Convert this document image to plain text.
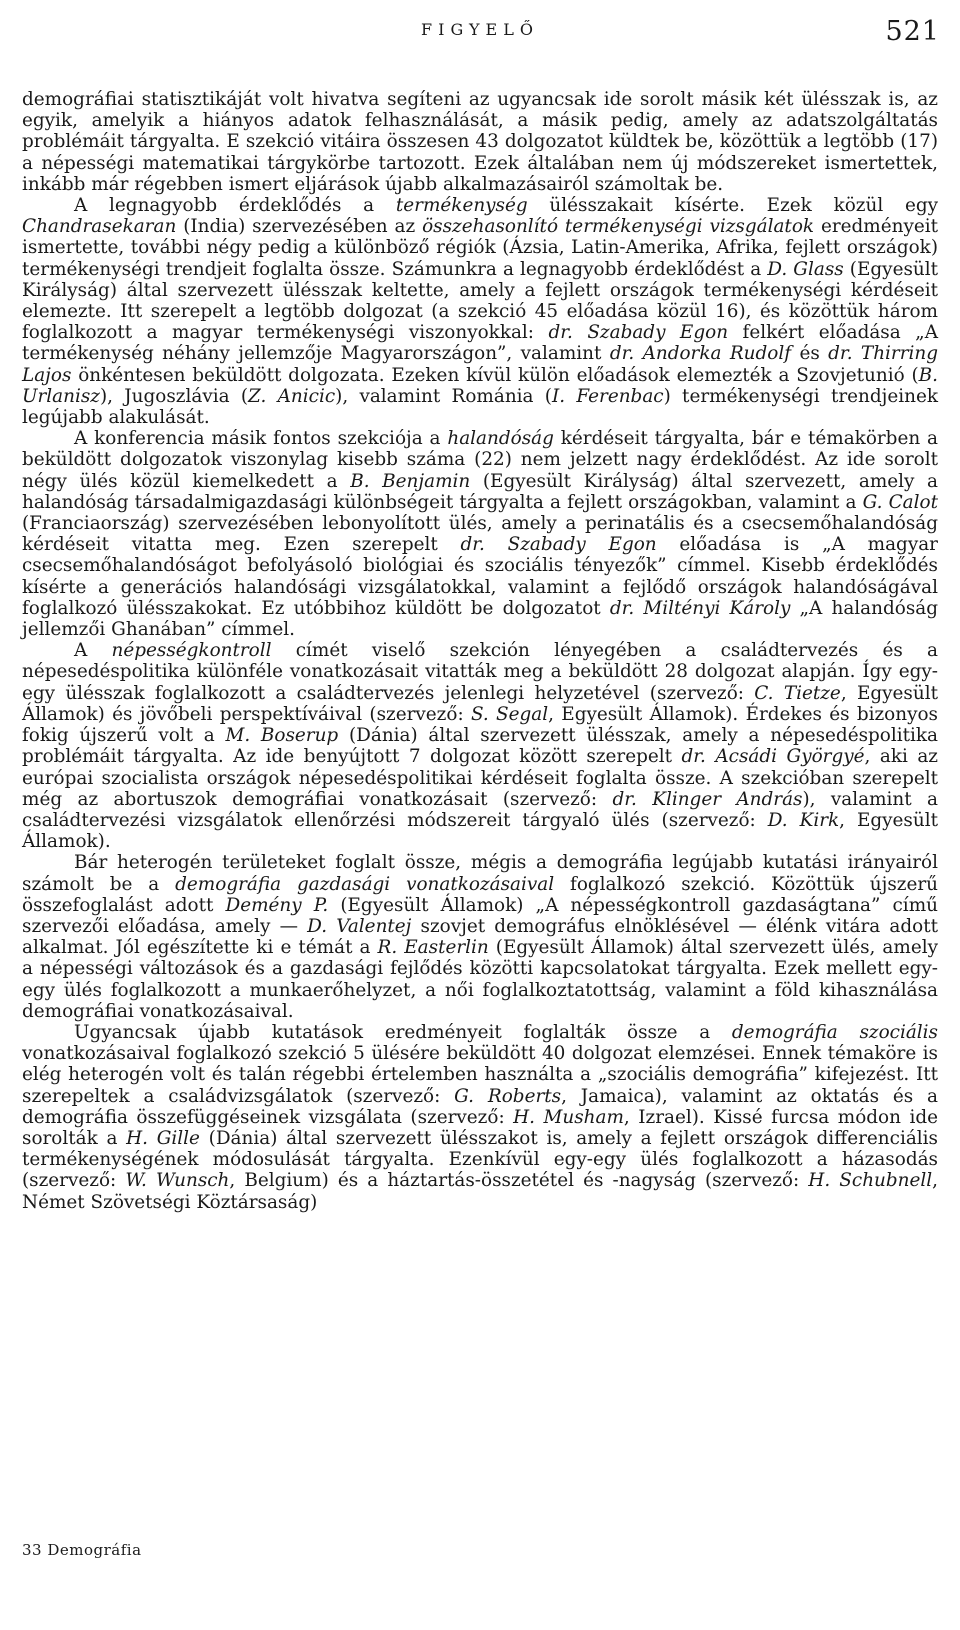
FIGYELŐ	521

demográfiai statisztikáját volt hivatva segíteni az ugyancsak ide sorolt másik két ülésszak is, az egyik, amelyik a hiányos adatok felhasználását, a másik pedig, amely az adatszolgáltatás problémáit tárgyalta. E szekció vitáira összesen 43 dolgozatot küldtek be, közöttük a legtöbb (17) a népességi matematikai tárgykörbe tartozott. Ezek általában nem új módszereket ismertettek, inkább már régebben ismert eljárások újabb alkalmazásairól számoltak be.

A legnagyobb érdeklődés a termékenység ülésszakait kísérte. Ezek közül egy Chandrasekaran (India) szervezésében az összehasonlító termékenységi vizsgálatok eredményeit ismertette, további négy pedig a különböző régiók (Ázsia, Latin-Amerika, Afrika, fejlett országok) termékenységi trendjeit foglalta össze. Számunkra a legnagyobb érdeklődést a D. Glass (Egyesült Királyság) által szervezett ülésszak keltette, amely a fejlett országok termékenységi kérdéseit elemezte. Itt szerepelt a legtöbb dolgozat (a szekció 45 előadása közül 16), és közöttük három foglalkozott a magyar termékenységi viszonyokkal: dr. Szabady Egon felkért előadása „A termékenység néhány jellemzője Magyarországon”, valamint dr. Andorka Rudolf és dr. Thirring Lajos önkéntesen beküldött dolgozata. Ezeken kívül külön előadások elemezték a Szovjetunió (B. Urlanisz), Jugoszlávia (Z. Anicic), valamint Románia (I. Ferenbac) termékenységi trendjeinek legújabb alakulását.

A konferencia másik fontos szekciója a halandóság kérdéseit tárgyalta, bár e témakörben a beküldött dolgozatok viszonylag kisebb száma (22) nem jelzett nagy érdeklődést. Az ide sorolt négy ülés közül kiemelkedett a B. Benjamin (Egyesült Királyság) által szervezett, amely a halandóság társadalmigazdasági különbségeit tárgyalta a fejlett országokban, valamint a G. Calot (Franciaország) szervezésében lebonyolított ülés, amely a perinatális és a csecsemőhalandóság kérdéseit vitatta meg. Ezen szerepelt dr. Szabady Egon előadása is „A magyar csecsemőhalandóságot befolyásoló biológiai és szociális tényezők” címmel. Kisebb érdeklődés kísérte a generációs halandósági vizsgálatokkal, valamint a fejlődő országok halandóságával foglalkozó ülésszakokat. Ez utóbbihoz küldött be dolgozatot dr. Miltényi Károly „A halandóság jellemzői Ghanában” címmel.

A népességkontroll címét viselő szekción lényegében a családtervezés és a népesedéspolitika különféle vonatkozásait vitatták meg a beküldött 28 dolgozat alapján. Így egy-egy ülésszak foglalkozott a családtervezés jelenlegi helyzetével (szervező: C. Tietze, Egyesült Államok) és jövőbeli perspektíváival (szervező: S. Segal, Egyesült Államok). Érdekes és bizonyos fokig újszerű volt a M. Boserup (Dánia) által szervezett ülésszak, amely a népesedéspolitika problémáit tárgyalta. Az ide benyújtott 7 dolgozat között szerepelt dr. Acsádi Györgyé, aki az európai szocialista országok népesedéspolitikai kérdéseit foglalta össze. A szekcióban szerepelt még az abortuszok demográfiai vonatkozásait (szervező: dr. Klinger András), valamint a családtervezési vizsgálatok ellenőrzési módszereit tárgyaló ülés (szervező: D. Kirk, Egyesült Államok).

Bár heterogén területeket foglalt össze, mégis a demográfia legújabb kutatási irányairól számolt be a demográfia gazdasági vonatkozásaival foglalkozó szekció. Közöttük újszerű összefoglalást adott Demény P. (Egyesült Államok) „A népességkontroll gazdaságtana” című szervezői előadása, amely — D. Valentej szovjet demográfus elnöklésével — élénk vitára adott alkalmat. Jól egészítette ki e témát a R. Easterlin (Egyesült Államok) által szervezett ülés, amely a népességi változások és a gazdasági fejlődés közötti kapcsolatokat tárgyalta. Ezek mellett egy-egy ülés foglalkozott a munkaerőhelyzet, a női foglalkoztatottság, valamint a föld kihasználása demográfiai vonatkozásaival.

Ugyancsak újabb kutatások eredményeit foglalták össze a demográfia szociális vonatkozásaival foglalkozó szekció 5 ülésére beküldött 40 dolgozat elemzései. Ennek témaköre is elég heterogén volt és talán régebbi értelemben használta a „szociális demográfia” kifejezést. Itt szerepeltek a családvizsgálatok (szervező: G. Roberts, Jamaica), valamint az oktatás és a demográfia összefüggéseinek vizsgálata (szervező: H. Musham, Izrael). Kissé furcsa módon ide sorolták a H. Gille (Dánia) által szervezett ülésszakot is, amely a fejlett országok differenciális termékenységének módosulását tárgyalta. Ezenkívül egy-egy ülés foglalkozott a házasodás (szervező: W. Wunsch, Belgium) és a háztartás-összetétel és -nagyság (szervező: H. Schubnell, Német Szövetségi Köztársaság)

33 Demográfia
